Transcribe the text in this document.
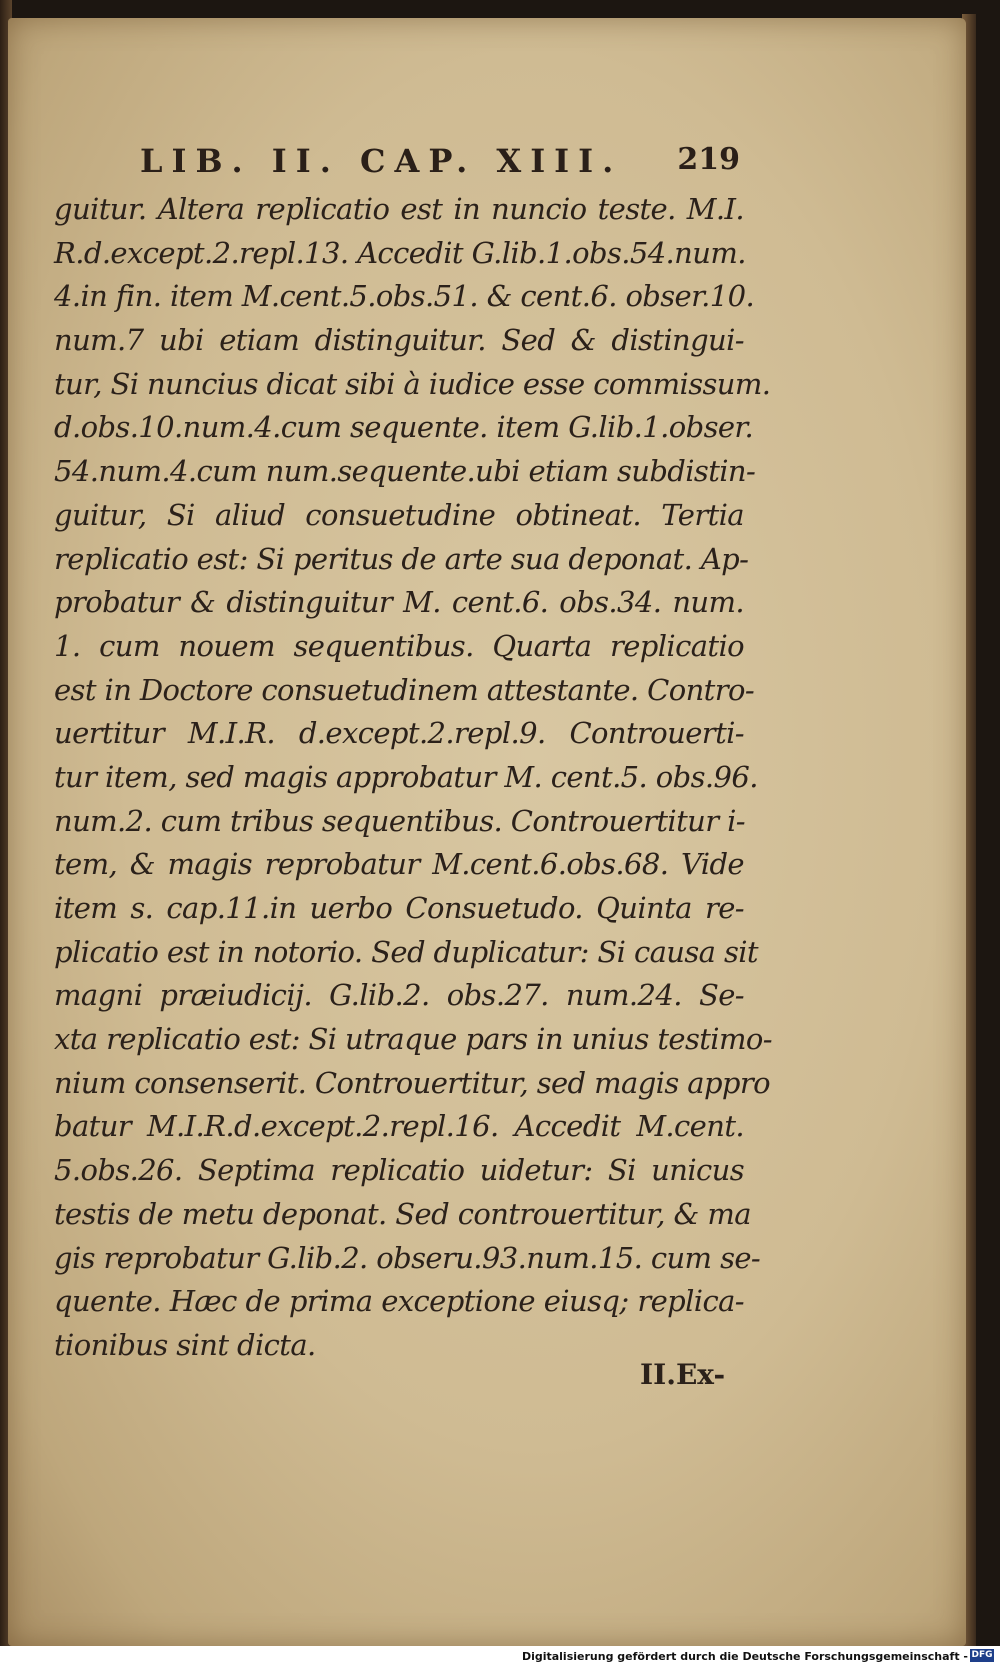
LIB. II. CAP. XIII. 219
guitur. Altera replicatio est in nuncio teste. M.I.
R.d.except.2.repl.13. Accedit G.lib.1.obs.54.num.
4.in fin. item M.cent.5.obs.51. & cent.6. obser.10.
num.7 ubi etiam distinguitur. Sed & distingui-
tur, Si nuncius dicat sibi à iudice esse commissum.
d.obs.10.num.4.cum sequente. item G.lib.1.obser.
54.num.4.cum num.sequente.ubi etiam subdistin-
guitur, Si aliud consuetudine obtineat. Tertia
replicatio est: Si peritus de arte sua deponat. Ap-
probatur & distinguitur M. cent.6. obs.34. num.
1. cum nouem sequentibus. Quarta replicatio
est in Doctore consuetudinem attestante. Contro-
uertitur M.I.R. d.except.2.repl.9. Controuerti-
tur item, sed magis approbatur M. cent.5. obs.96.
num.2. cum tribus sequentibus. Controuertitur i-
tem, & magis reprobatur M.cent.6.obs.68. Vide
item s. cap.11.in uerbo Consuetudo. Quinta re-
plicatio est in notorio. Sed duplicatur: Si causa sit
magni præiudicij. G.lib.2. obs.27. num.24. Se-
xta replicatio est: Si utraque pars in unius testimo-
nium consenserit. Controuertitur, sed magis appro
batur M.I.R.d.except.2.repl.16. Accedit M.cent.
5.obs.26. Septima replicatio uidetur: Si unicus
testis de metu deponat. Sed controuertitur, & ma
gis reprobatur G.lib.2. obseru.93.num.15. cum se-
quente. Hæc de prima exceptione eiusq; replica-
tionibus sint dicta.
II.Ex-
Digitalisierung gefördert durch die Deutsche Forschungsgemeinschaft - DFG
